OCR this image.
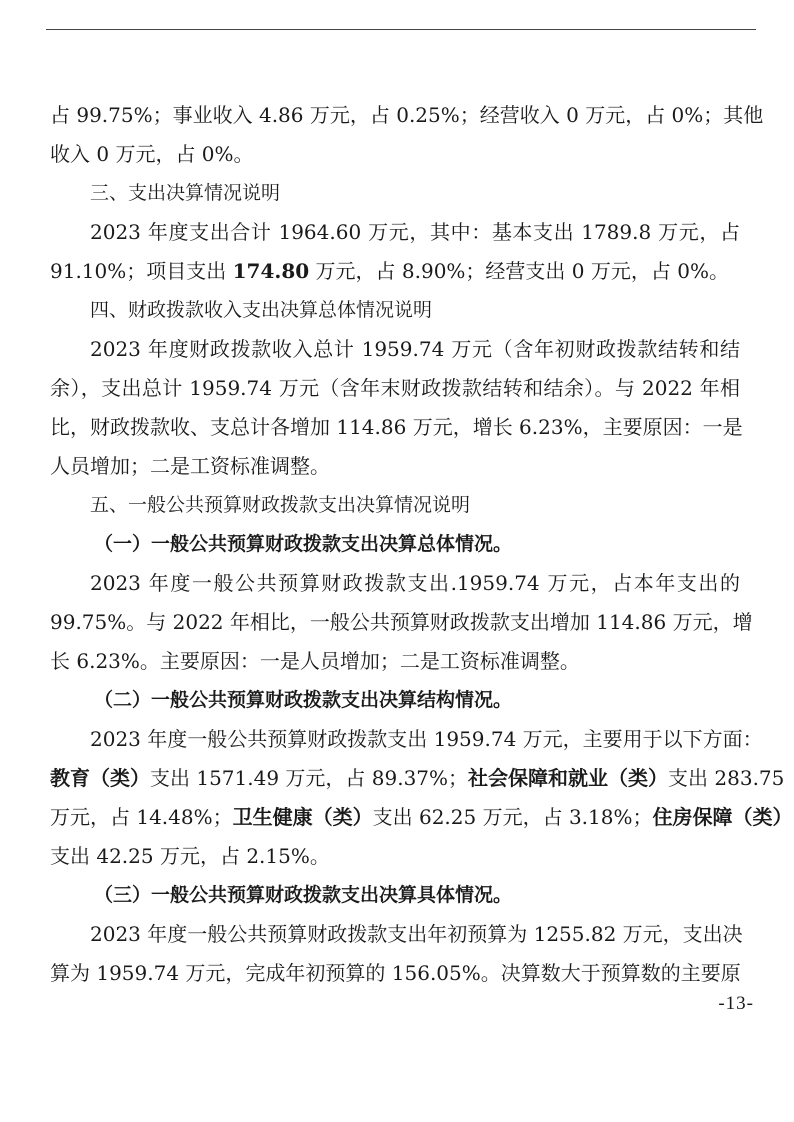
占 99.75%；事业收入 4.86 万元，占 0.25%；经营收入 0 万元，占 0%；其他
收入 0 万元，占 0%。
三、支出决算情况说明
2023 年度支出合计 1964.60 万元，其中：基本支出 1789.8 万元，占
91.10%；项目支出 174.80 万元，占 8.90%；经营支出 0 万元，占 0%。
四、财政拨款收入支出决算总体情况说明
2023 年度财政拨款收入总计 1959.74 万元（含年初财政拨款结转和结
余），支出总计 1959.74 万元（含年末财政拨款结转和结余）。与 2022 年相
比，财政拨款收、支总计各增加 114.86 万元，增长 6.23%，主要原因：一是
人员增加；二是工资标准调整。
五、一般公共预算财政拨款支出决算情况说明
（一）一般公共预算财政拨款支出决算总体情况。
2023 年度一般公共预算财政拨款支出.1959.74 万元，占本年支出的
99.75%。与 2022 年相比，一般公共预算财政拨款支出增加 114.86 万元，增
长 6.23%。主要原因：一是人员增加；二是工资标准调整。
（二）一般公共预算财政拨款支出决算结构情况。
2023 年度一般公共预算财政拨款支出 1959.74 万元，主要用于以下方面：
教育（类）支出 1571.49 万元，占 89.37%；社会保障和就业（类）支出 283.75
万元，占 14.48%；卫生健康（类）支出 62.25 万元，占 3.18%；住房保障（类）
支出 42.25 万元，占 2.15%。
（三）一般公共预算财政拨款支出决算具体情况。
2023 年度一般公共预算财政拨款支出年初预算为 1255.82 万元，支出决
算为 1959.74 万元，完成年初预算的 156.05%。决算数大于预算数的主要原
-13-
